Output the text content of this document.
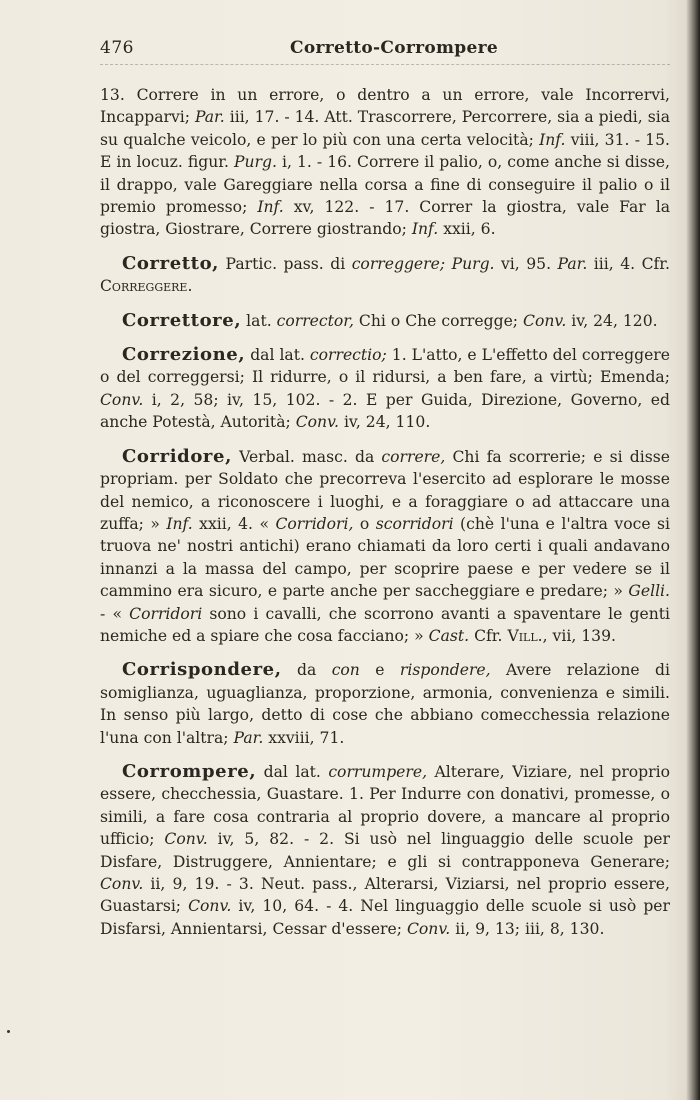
476	Corretto-Corrompere

13. Correre in un errore, o dentro a un errore, vale Incorrervi, Incapparvi; Par. iii, 17. - 14. Att. Trascorrere, Percorrere, sia a piedi, sia su qualche veicolo, e per lo più con una certa velocità; Inf. viii, 31. - 15. E in locuz. figur. Purg. i, 1. - 16. Correre il palio, o, come anche si disse, il drappo, vale Gareggiare nella corsa a fine di conseguire il palio o il premio promesso; Inf. xv, 122. - 17. Correr la giostra, vale Far la giostra, Giostrare, Correre giostrando; Inf. xxii, 6.

Corretto, Partic. pass. di correggere; Purg. vi, 95. Par. iii, 4. Cfr. Correggere.

Correttore, lat. corrector, Chi o Che corregge; Conv. iv, 24, 120.

Correzione, dal lat. correctio; 1. L'atto, e L'effetto del correggere o del correggersi; Il ridurre, o il ridursi, a ben fare, a virtù; Emenda; Conv. i, 2, 58; iv, 15, 102. - 2. E per Guida, Direzione, Governo, ed anche Potestà, Autorità; Conv. iv, 24, 110.

Corridore, Verbal. masc. da correre, Chi fa scorrerie; e si disse propriam. per Soldato che precorreva l'esercito ad esplorare le mosse del nemico, a riconoscere i luoghi, e a foraggiare o ad attaccare una zuffa; » Inf. xxii, 4. « Corridori, o scorridori (chè l'una e l'altra voce si truova ne' nostri antichi) erano chiamati da loro certi i quali andavano innanzi a la massa del campo, per scoprire paese e per vedere se il cammino era sicuro, e parte anche per saccheggiare e predare; » Gelli. - « Corridori sono i cavalli, che scorrono avanti a spaventare le genti nemiche ed a spiare che cosa facciano; » Cast. Cfr. Vill., vii, 139.

Corrispondere, da con e rispondere, Avere relazione di somiglianza, uguaglianza, proporzione, armonia, convenienza e simili. In senso più largo, detto di cose che abbiano comecchessia relazione l'una con l'altra; Par. xxviii, 71.

Corrompere, dal lat. corrumpere, Alterare, Viziare, nel proprio essere, checchessia, Guastare. 1. Per Indurre con donativi, promesse, o simili, a fare cosa contraria al proprio dovere, a mancare al proprio ufficio; Conv. iv, 5, 82. - 2. Si usò nel linguaggio delle scuole per Disfare, Distruggere, Annientare; e gli si contrapponeva Generare; Conv. ii, 9, 19. - 3. Neut. pass., Alterarsi, Viziarsi, nel proprio essere, Guastarsi; Conv. iv, 10, 64. - 4. Nel linguaggio delle scuole si usò per Disfarsi, Annientarsi, Cessar d'essere; Conv. ii, 9, 13; iii, 8, 130.
